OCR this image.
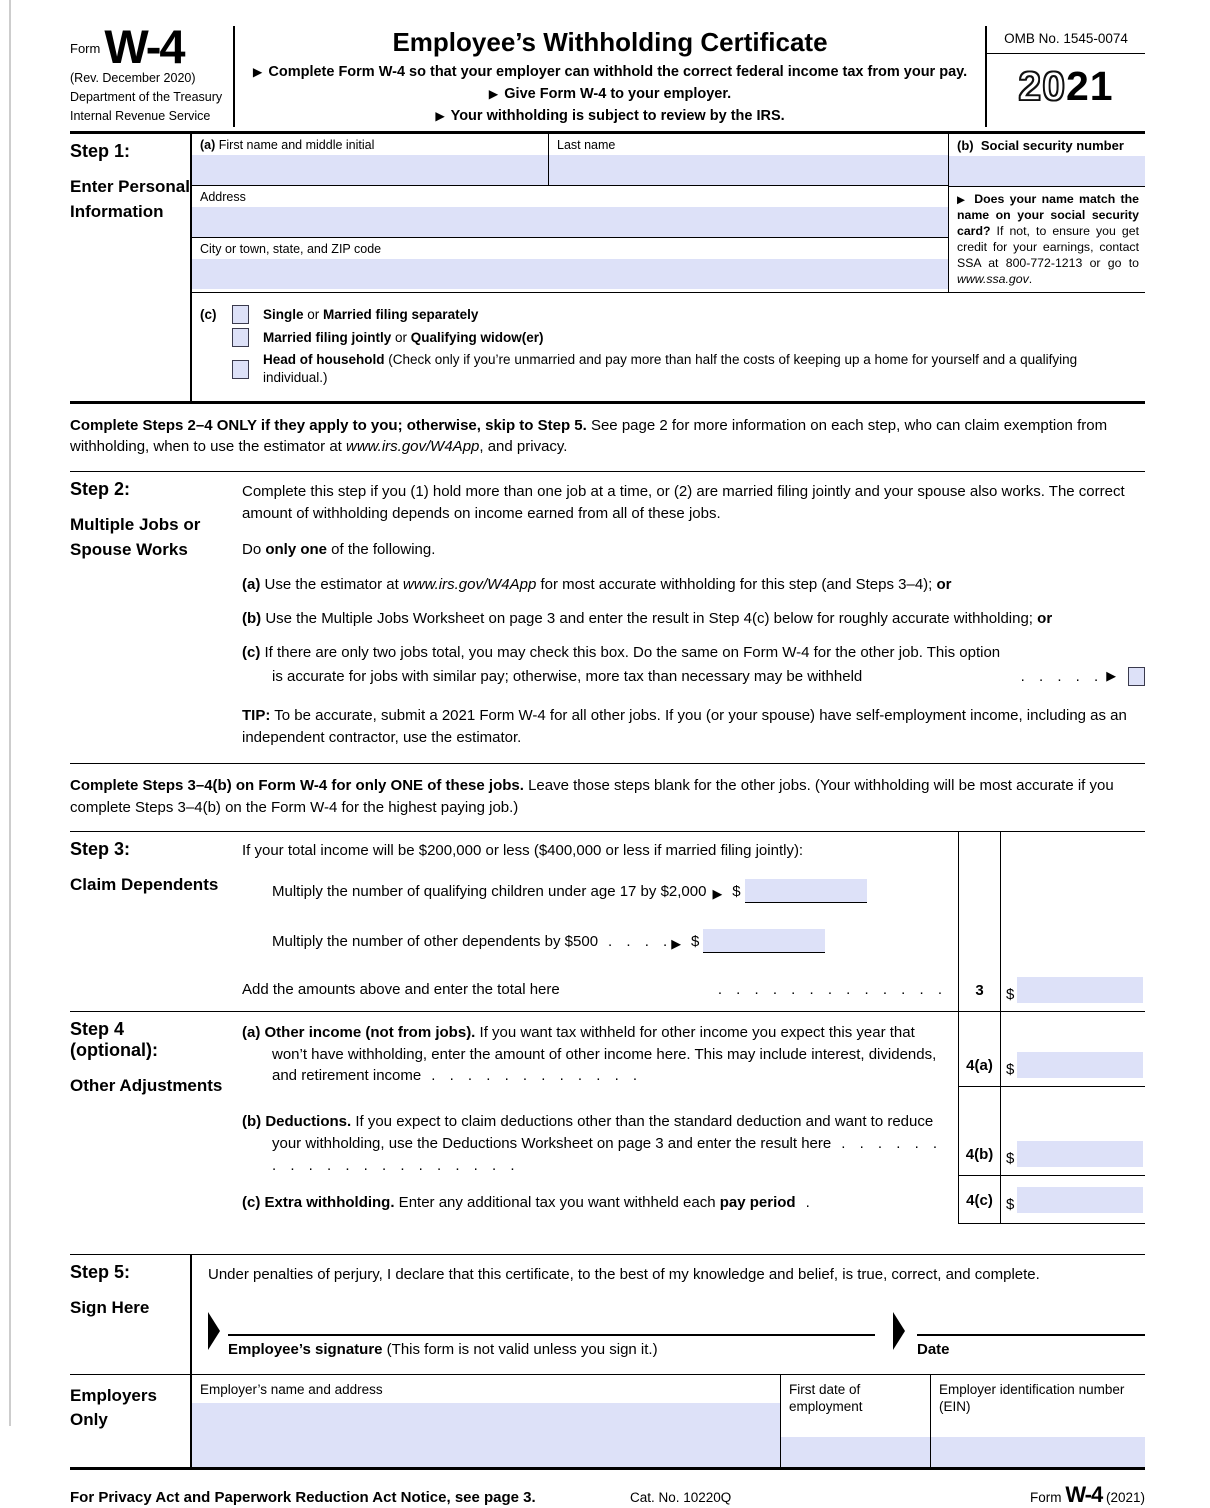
FormW-4
(Rev. December 2020)
Department of the Treasury
Internal Revenue Service
Employee’s Withholding Certificate
▶ Complete Form W-4 so that your employer can withhold the correct federal income tax from your pay.
▶ Give Form W-4 to your employer.
▶ Your withholding is subject to review by the IRS.
OMB No. 1545-0074
2021
Step 1:
Enter Personal Information
(a) First name and middle initial	Last name
Address
City or town, state, and ZIP code
(b) Social security number
▶ Does your name match the name on your social security card? If not, to ensure you get credit for your earnings, contact SSA at 800-772-1213 or go to www.ssa.gov.
(c)	Single or Married filing separately
Married filing jointly or Qualifying widow(er)
Head of household (Check only if you’re unmarried and pay more than half the costs of keeping up a home for yourself and a qualifying individual.)
Complete Steps 2–4 ONLY if they apply to you; otherwise, skip to Step 5. See page 2 for more information on each step, who can claim exemption from withholding, when to use the estimator at www.irs.gov/W4App, and privacy.
Step 2:
Multiple Jobs or Spouse Works

Complete this step if you (1) hold more than one job at a time, or (2) are married filing jointly and your spouse also works. The correct amount of withholding depends on income earned from all of these jobs.

Do only one of the following.

(a) Use the estimator at www.irs.gov/W4App for most accurate withholding for this step (and Steps 3–4); or
(b) Use the Multiple Jobs Worksheet on page 3 and enter the result in Step 4(c) below for roughly accurate withholding; or
(c) If there are only two jobs total, you may check this box. Do the same on Form W-4 for the other job. This option
is accurate for jobs with similar pay; otherwise, more tax than necessary may be withheld	. . . . . ▶
TIP: To be accurate, submit a 2021 Form W-4 for all other jobs. If you (or your spouse) have self-employment income, including as an independent contractor, use the estimator.
Complete Steps 3–4(b) on Form W-4 for only ONE of these jobs. Leave those steps blank for the other jobs. (Your withholding will be most accurate if you complete Steps 3–4(b) on the Form W-4 for the highest paying job.)
Step 3:
Claim Dependents
If your total income will be $200,000 or less ($400,000 or less if married filing jointly):
Multiply the number of qualifying children under age 17 by $2,000 ▶ $
Multiply the number of other dependents by $500 . . . . ▶ $
Add the amounts above and enter the total here	. . . . . . . . . . . . .	3	$
Step 4
(optional):
Other Adjustments
(a) Other income (not from jobs). If you want tax withheld for other income you expect this year that won’t have withholding, enter the amount of other income here. This may include interest, dividends, and retirement income . . . . . . . . . . . .
4(a) $
(b) Deductions. If you expect to claim deductions other than the standard deduction and want to reduce your withholding, use the Deductions Worksheet on page 3 and enter the result here . . . . . . . . . . . . . . . . . . . .
4(b) $
(c) Extra withholding. Enter any additional tax you want withheld each pay period .	4(c) $
Step 5:
Sign Here
Under penalties of perjury, I declare that this certificate, to the best of my knowledge and belief, is true, correct, and complete.
Employee’s signature (This form is not valid unless you sign it.)	Date
Employers Only
Employer’s name and address	First date of employment
Employer identification number (EIN)
For Privacy Act and Paperwork Reduction Act Notice, see page 3.	Cat. No. 10220Q	Form W-4 (2021)
